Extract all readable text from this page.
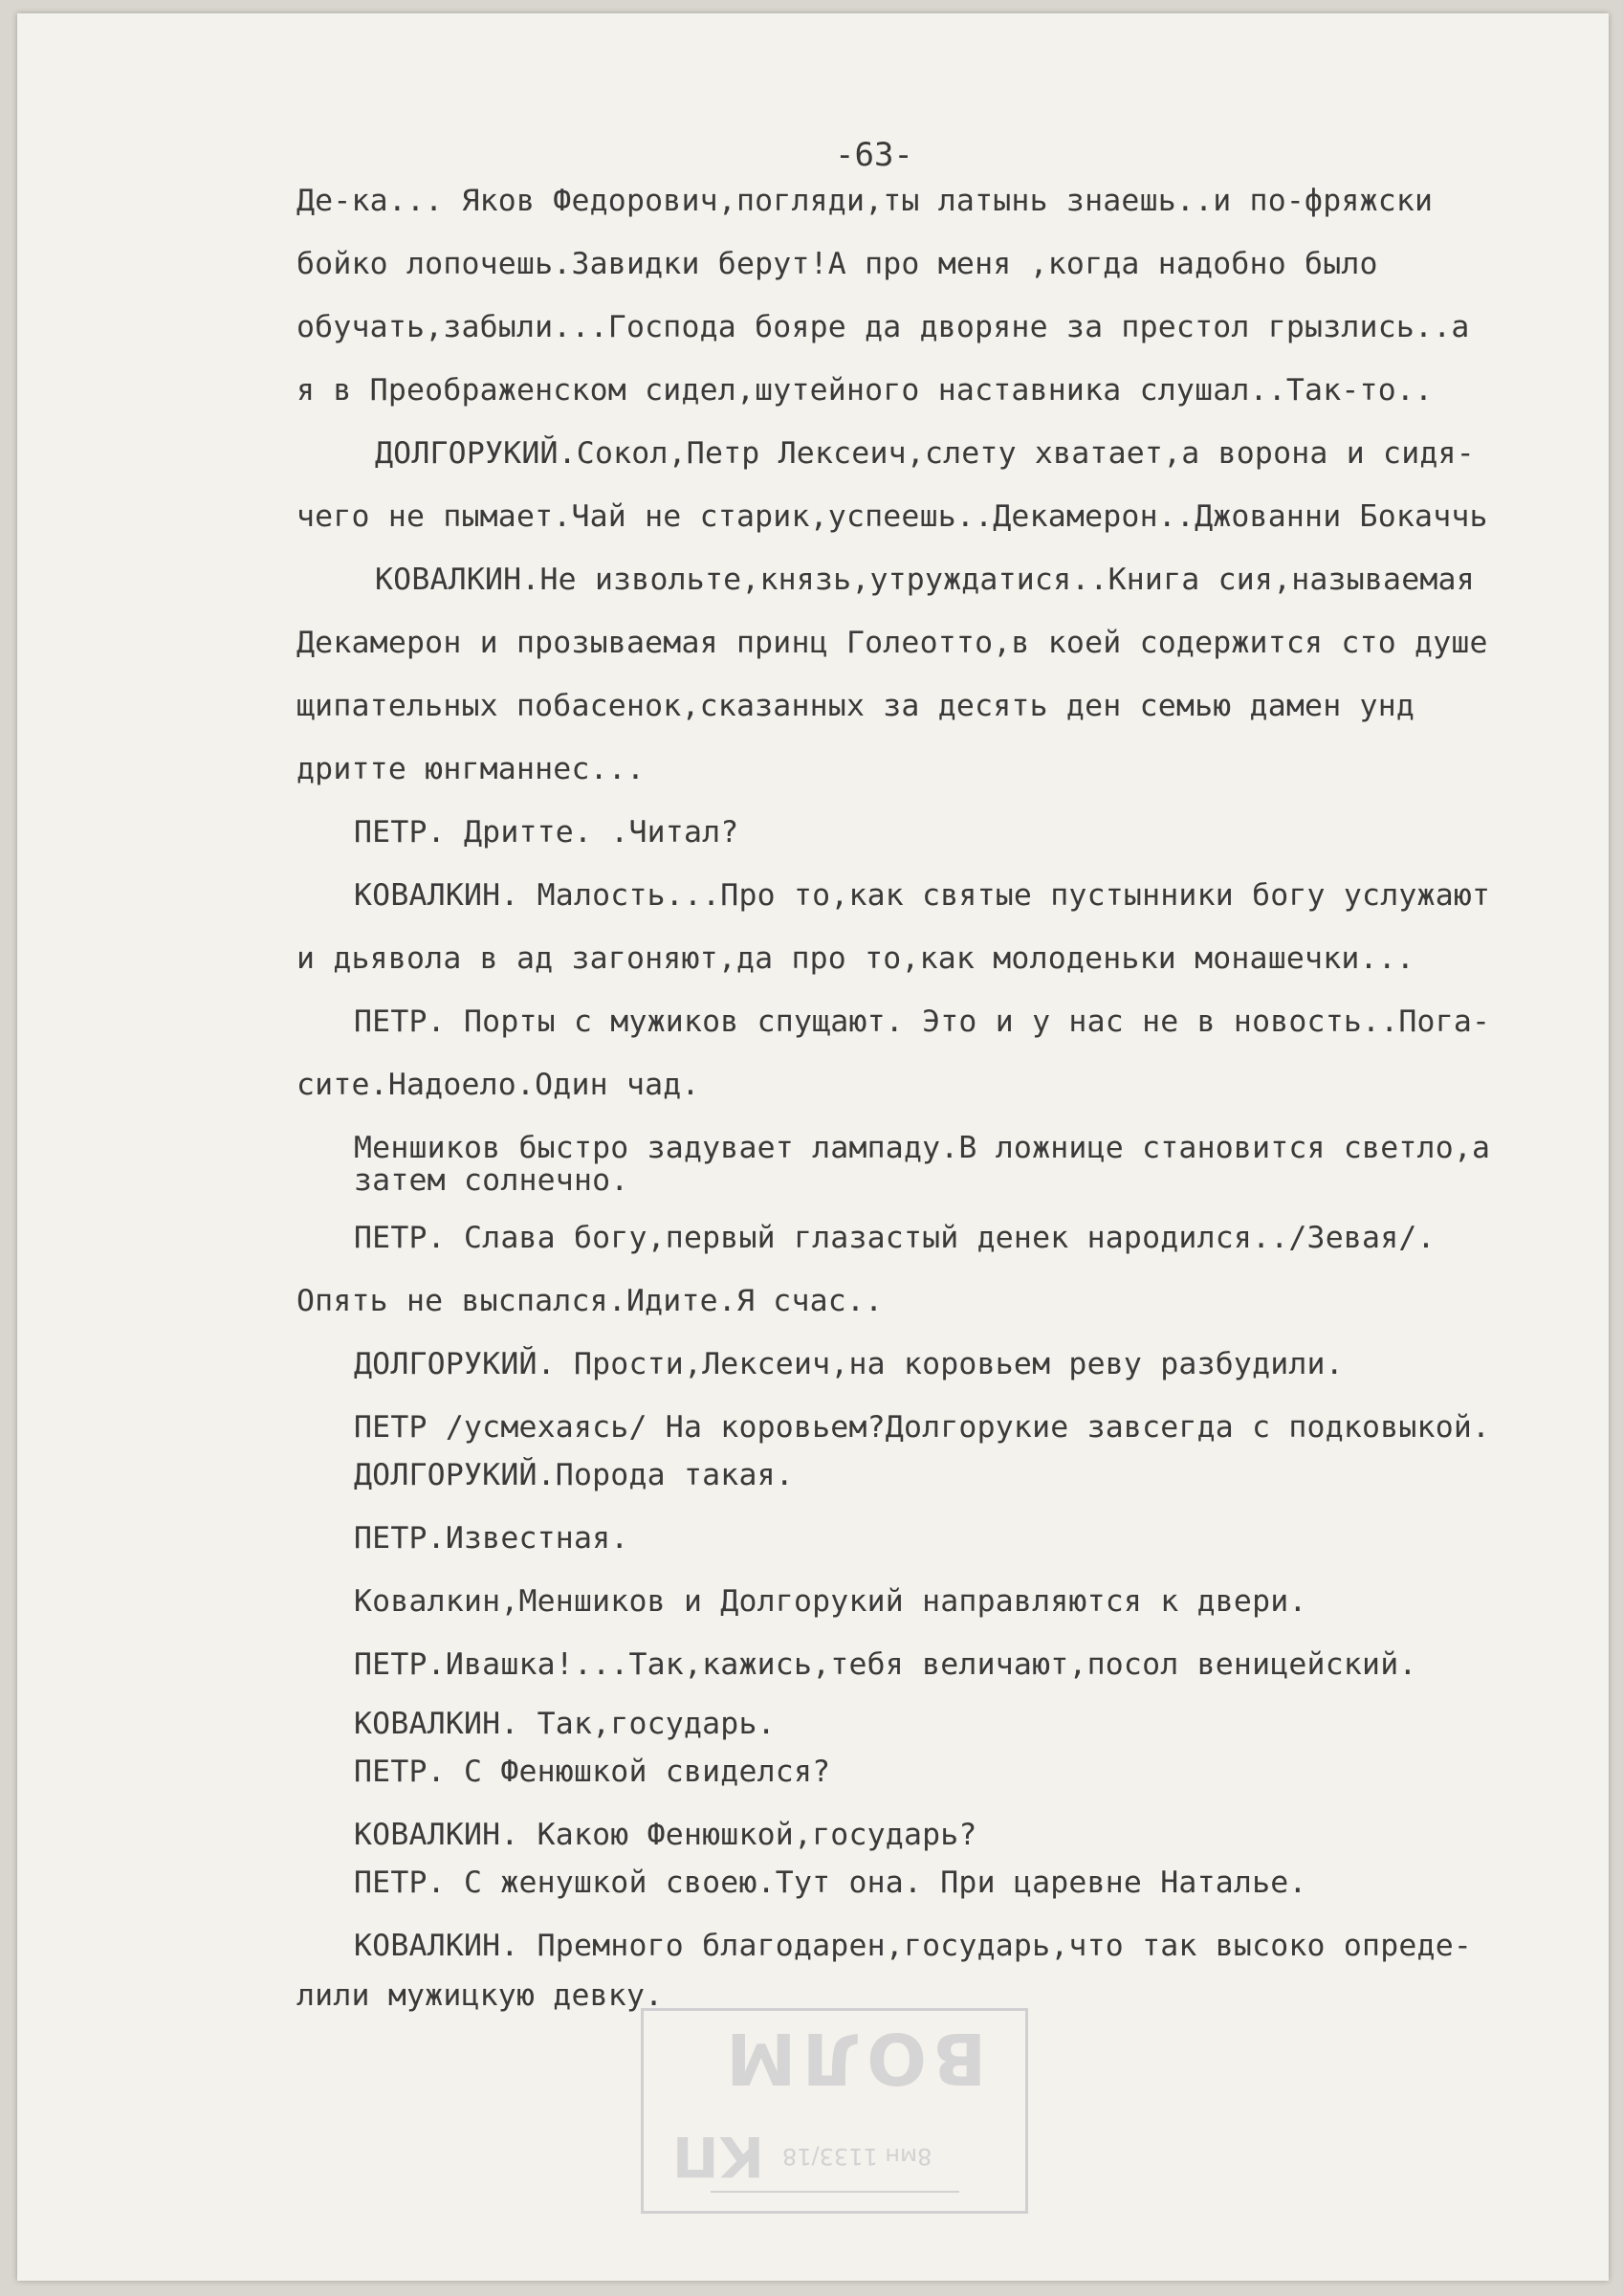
-63-
ВОЛМ
КП 8мн 1133/18
Де-ка... Яков Федорович,погляди,ты латынь знаешь..и по-фряжски
бойко лопочешь.Завидки берут!А про меня ,когда надобно было
обучать,забыли...Господа бояре да дворяне за престол грызлись..а
я в Преображенском сидел,шутейного наставника слушал..Так-то..
ДОЛГОРУКИЙ.Сокол,Петр Лексеич,слету хватает,а ворона и сидя-
чего не пымает.Чай не старик,успеешь..Декамерон..Джованни Бокаччь
КОВАЛКИН.Не извольте,князь,утруждатися..Книга сия,называемая
Декамерон и прозываемая принц Голеотто,в коей содержится сто душе
щипательных побасенок,сказанных за десять ден семью дамен унд
дритте юнгманнес...
ПЕТР. Дритте. .Читал?
КОВАЛКИН. Малость...Про то,как святые пустынники богу услужают
и дьявола в ад загоняют,да про то,как молоденьки монашечки...
ПЕТР. Порты с мужиков спущают. Это и у нас не в новость..Пога-
сите.Надоело.Один чад.
Меншиков быстро задувает лампаду.В ложнице становится светло,а
затем солнечно.
ПЕТР. Слава богу,первый глазастый денек народился../Зевая/.
Опять не выспался.Идите.Я счас..
ДОЛГОРУКИЙ. Прости,Лексеич,на коровьем реву разбудили.
ПЕТР /усмехаясь/ На коровьем?Долгорукие завсегда с подковыкой.
ДОЛГОРУКИЙ.Порода такая.
ПЕТР.Известная.
Ковалкин,Меншиков и Долгорукий направляются к двери.
ПЕТР.Ивашка!...Так,кажись,тебя величают,посол веницейский.
КОВАЛКИН. Так,государь.
ПЕТР. С Фенюшкой свиделся?
КОВАЛКИН. Какою Фенюшкой,государь?
ПЕТР. С женушкой своею.Тут она. При царевне Наталье.
КОВАЛКИН. Премного благодарен,государь,что так высоко опреде-
лили мужицкую девку.
